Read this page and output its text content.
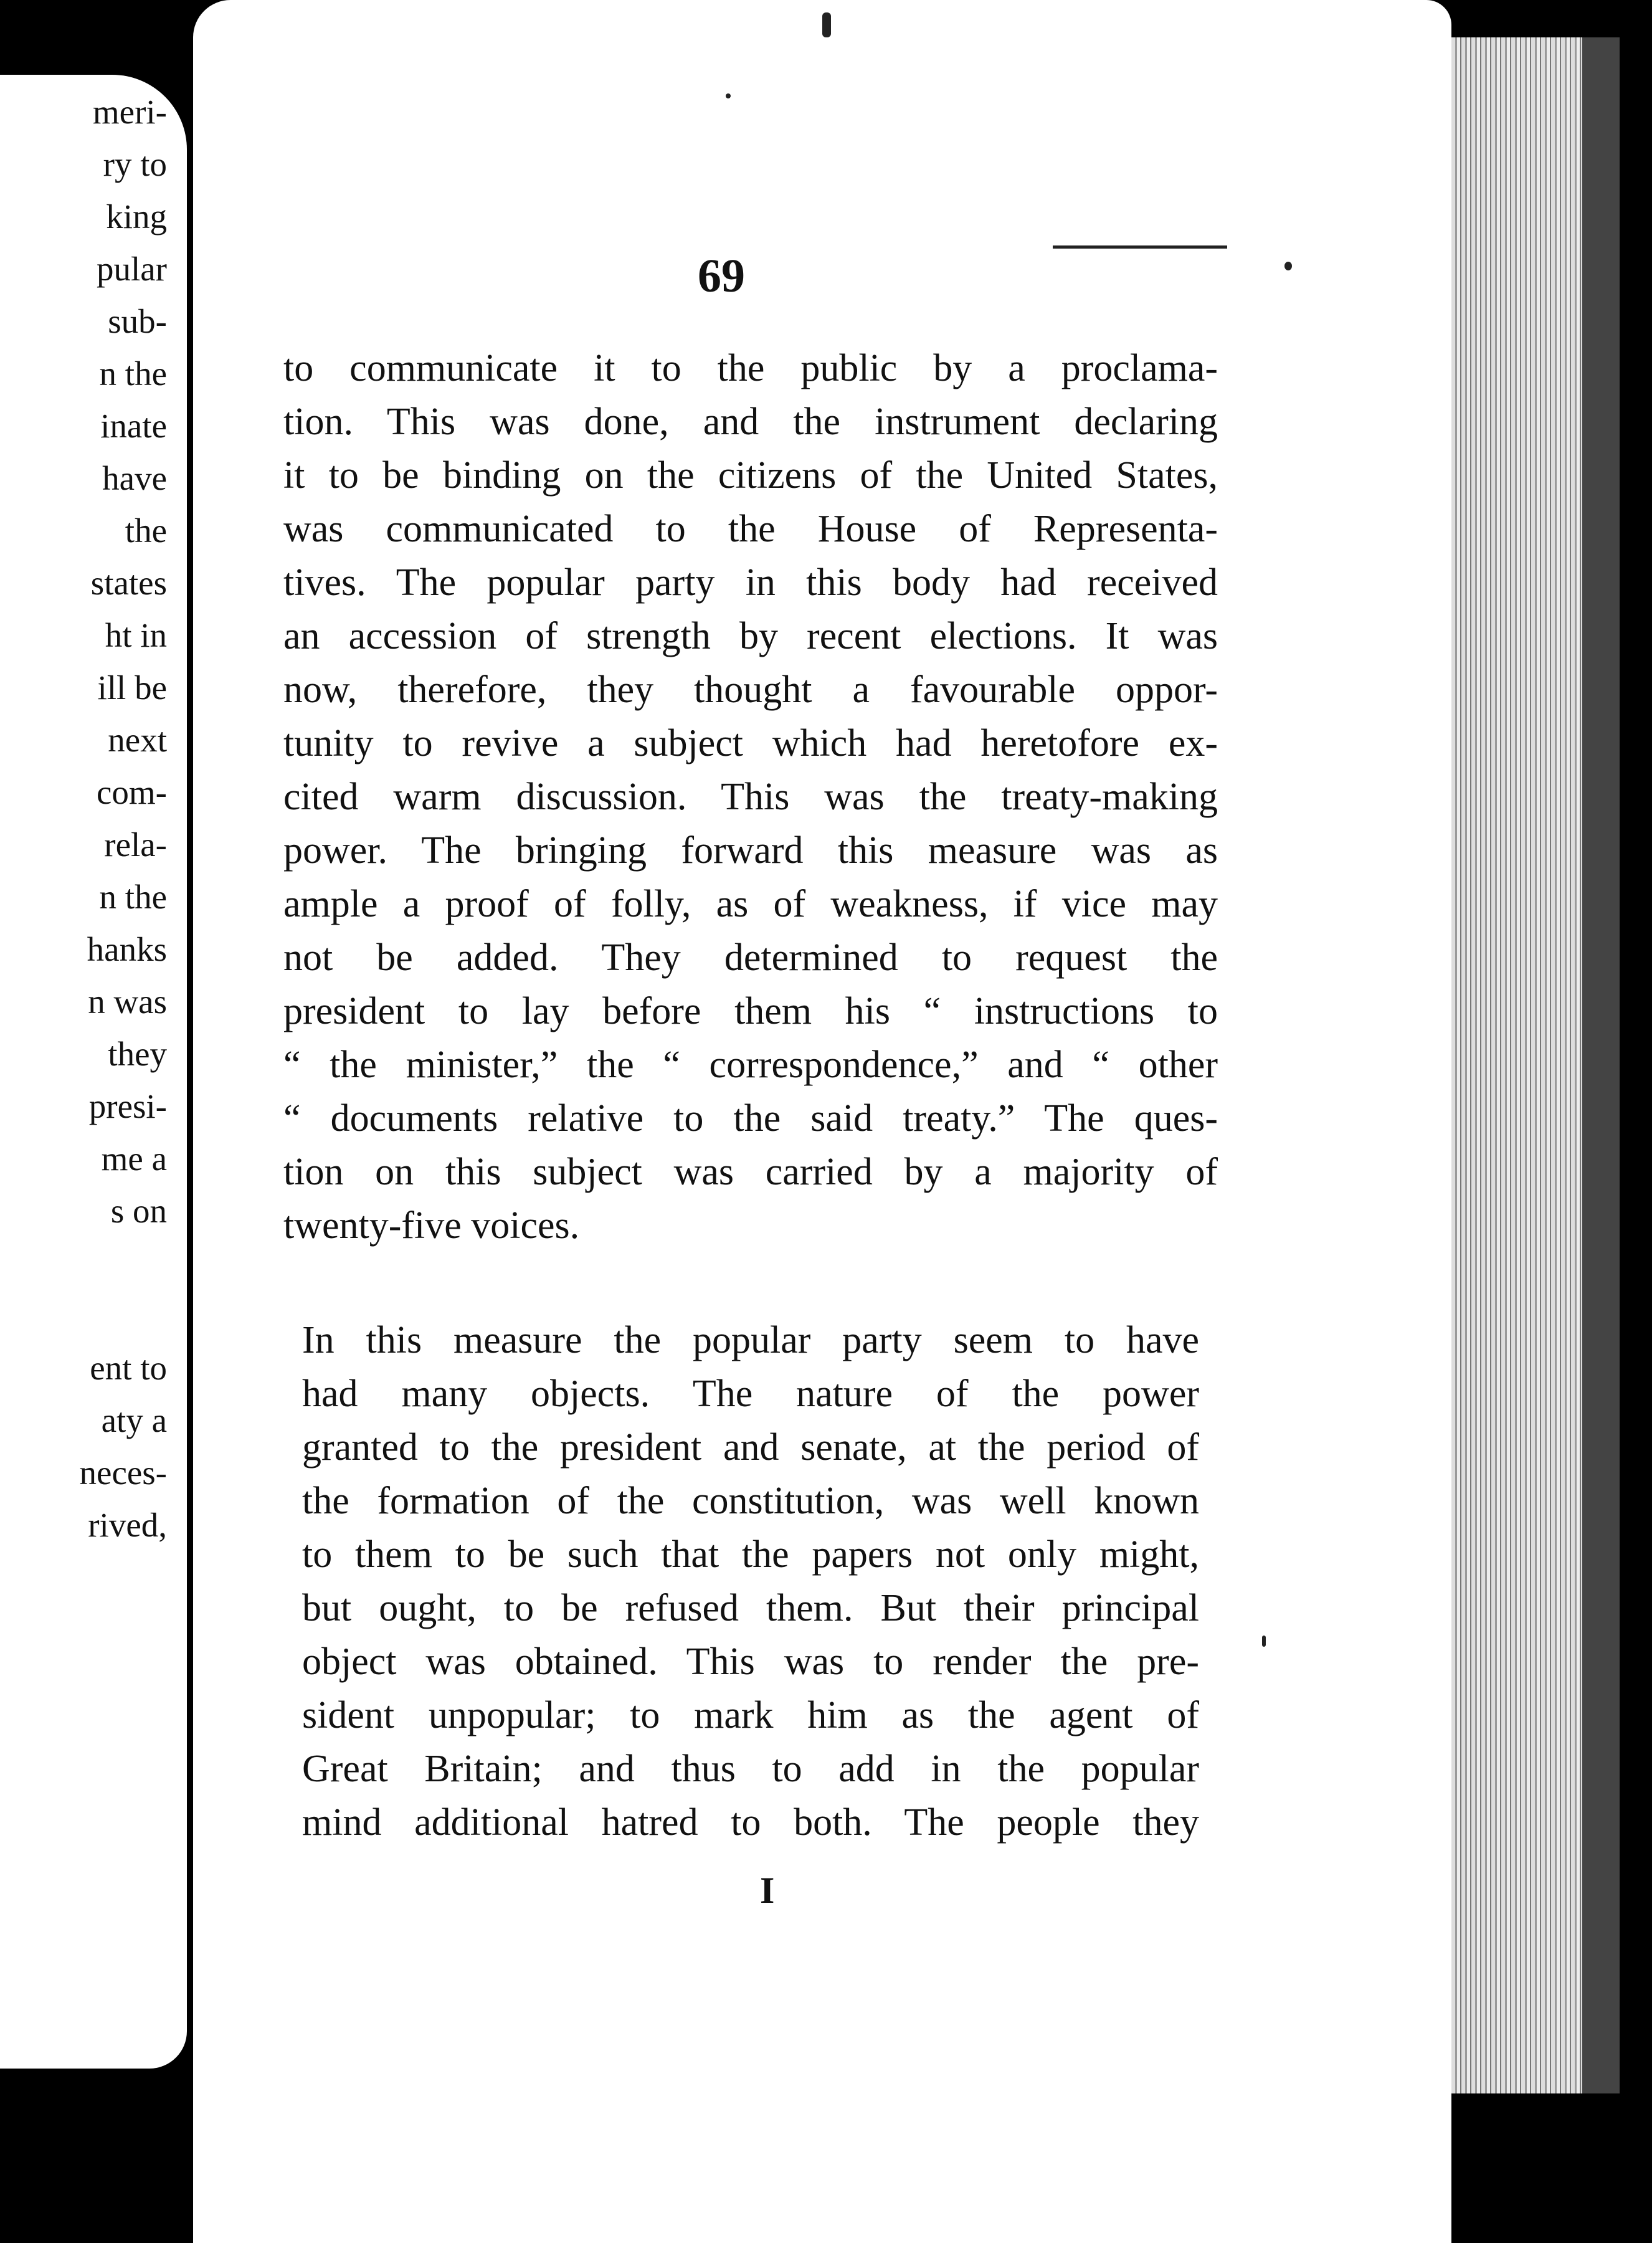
meri-
ry to
king
pular
sub-
n the
inate
have
the
states
ht in
ill be
next
com-
rela-
n the
hanks
n was
they
presi-
me a
s on
ent to
aty a
neces-
rived,
69
to communicate it to the public by a proclama-
tion. This was done, and the instrument declaring
it to be binding on the citizens of the United States,
was communicated to the House of Representa-
tives. The popular party in this body had received
an accession of strength by recent elections. It was
now, therefore, they thought a favourable oppor-
tunity to revive a subject which had heretofore ex-
cited warm discussion. This was the treaty-making
power. The bringing forward this measure was as
ample a proof of folly, as of weakness, if vice may
not be added. They determined to request the
president to lay before them his “ instructions to
“ the minister,” the “ correspondence,” and “ other
“ documents relative to the said treaty.” The ques-
tion on this subject was carried by a majority of
twenty-five voices.
In this measure the popular party seem to have
had many objects. The nature of the power
granted to the president and senate, at the period of
the formation of the constitution, was well known
to them to be such that the papers not only might,
but ought, to be refused them. But their principal
object was obtained. This was to render the pre-
sident unpopular; to mark him as the agent of
Great Britain; and thus to add in the popular
mind additional hatred to both. The people they
I
